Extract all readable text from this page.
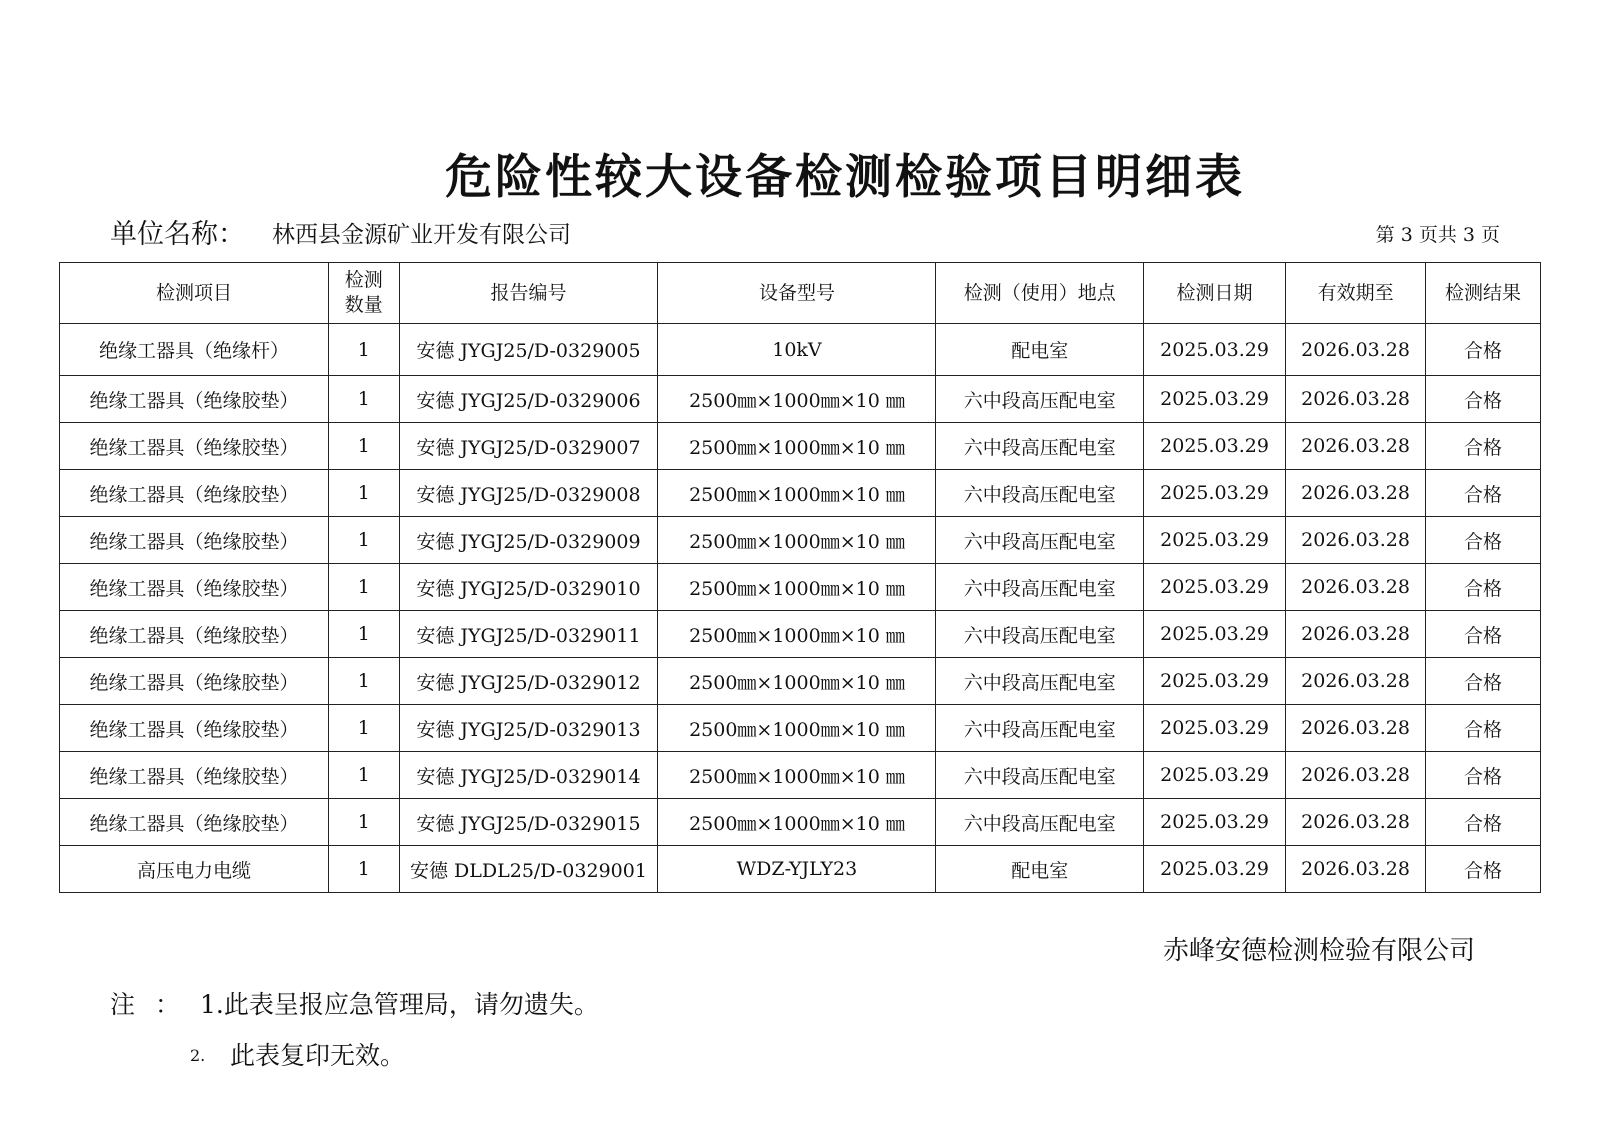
危险性较大设备检测检验项目明细表
单位名称： 林西县金源矿业开发有限公司	第 3 页共 3 页
检测项目	检测数量	报告编号	设备型号	检测（使用）地点	检测日期	有效期至	检测结果
绝缘工器具（绝缘杆）	1	安德 JYGJ25/D-0329005	10kV	配电室	2025.03.29	2026.03.28	合格
绝缘工器具（绝缘胶垫）	1	安德 JYGJ25/D-0329006	2500㎜×1000㎜×10 ㎜	六中段高压配电室	2025.03.29	2026.03.28	合格
绝缘工器具（绝缘胶垫）	1	安德 JYGJ25/D-0329007	2500㎜×1000㎜×10 ㎜	六中段高压配电室	2025.03.29	2026.03.28	合格
绝缘工器具（绝缘胶垫）	1	安德 JYGJ25/D-0329008	2500㎜×1000㎜×10 ㎜	六中段高压配电室	2025.03.29	2026.03.28	合格
绝缘工器具（绝缘胶垫）	1	安德 JYGJ25/D-0329009	2500㎜×1000㎜×10 ㎜	六中段高压配电室	2025.03.29	2026.03.28	合格
绝缘工器具（绝缘胶垫）	1	安德 JYGJ25/D-0329010	2500㎜×1000㎜×10 ㎜	六中段高压配电室	2025.03.29	2026.03.28	合格
绝缘工器具（绝缘胶垫）	1	安德 JYGJ25/D-0329011	2500㎜×1000㎜×10 ㎜	六中段高压配电室	2025.03.29	2026.03.28	合格
绝缘工器具（绝缘胶垫）	1	安德 JYGJ25/D-0329012	2500㎜×1000㎜×10 ㎜	六中段高压配电室	2025.03.29	2026.03.28	合格
绝缘工器具（绝缘胶垫）	1	安德 JYGJ25/D-0329013	2500㎜×1000㎜×10 ㎜	六中段高压配电室	2025.03.29	2026.03.28	合格
绝缘工器具（绝缘胶垫）	1	安德 JYGJ25/D-0329014	2500㎜×1000㎜×10 ㎜	六中段高压配电室	2025.03.29	2026.03.28	合格
绝缘工器具（绝缘胶垫）	1	安德 JYGJ25/D-0329015	2500㎜×1000㎜×10 ㎜	六中段高压配电室	2025.03.29	2026.03.28	合格
高压电力电缆	1	安德 DLDL25/D-0329001	WDZ-YJLY23	配电室	2025.03.29	2026.03.28	合格
赤峰安德检测检验有限公司
注 ： 1.此表呈报应急管理局，请勿遗失。
2. 此表复印无效。
